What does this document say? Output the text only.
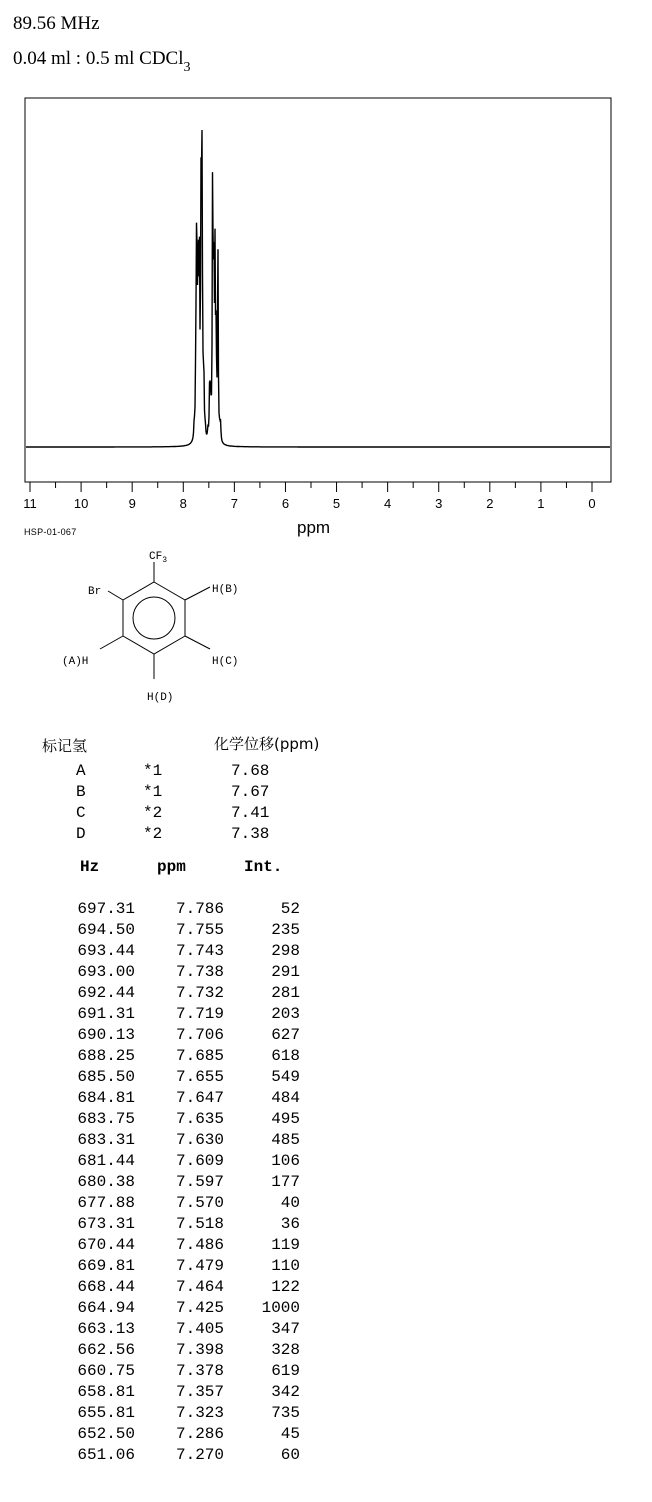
89.56 MHz
0.04 ml : 0.5 ml CDCl$_3$
11	10	9	8	7	6	5	4	3	2	1	0
ppm
HSP-01-067
$CF_3$
Br	H(B)
H(C)
H(D)
(A)H
标记氢	化学位移(ppm)
A	*1	7.68
B	*1	7.67
C	*2	7.41
D	*2	7.38
Hz	ppm	Int.
697.31	7.786	52
694.50	7.755	235
693.44	7.743	298
693.00	7.738	291
692.44	7.732	281
691.31	7.719	203
690.13	7.706	627
688.25	7.685	618
685.50	7.655	549
684.81	7.647	484
683.75	7.635	495
683.31	7.630	485
681.44	7.609	106
680.38	7.597	177
677.88	7.570	40
673.31	7.518	36
670.44	7.486	119
669.81	7.479	110
668.44	7.464	122
664.94	7.425 1000
663.13	7.405	347
662.56	7.398	328
660.75	7.378	619
658.81	7.357	342
655.81	7.323	735
652.50	7.286	45
651.06	7.270	60
